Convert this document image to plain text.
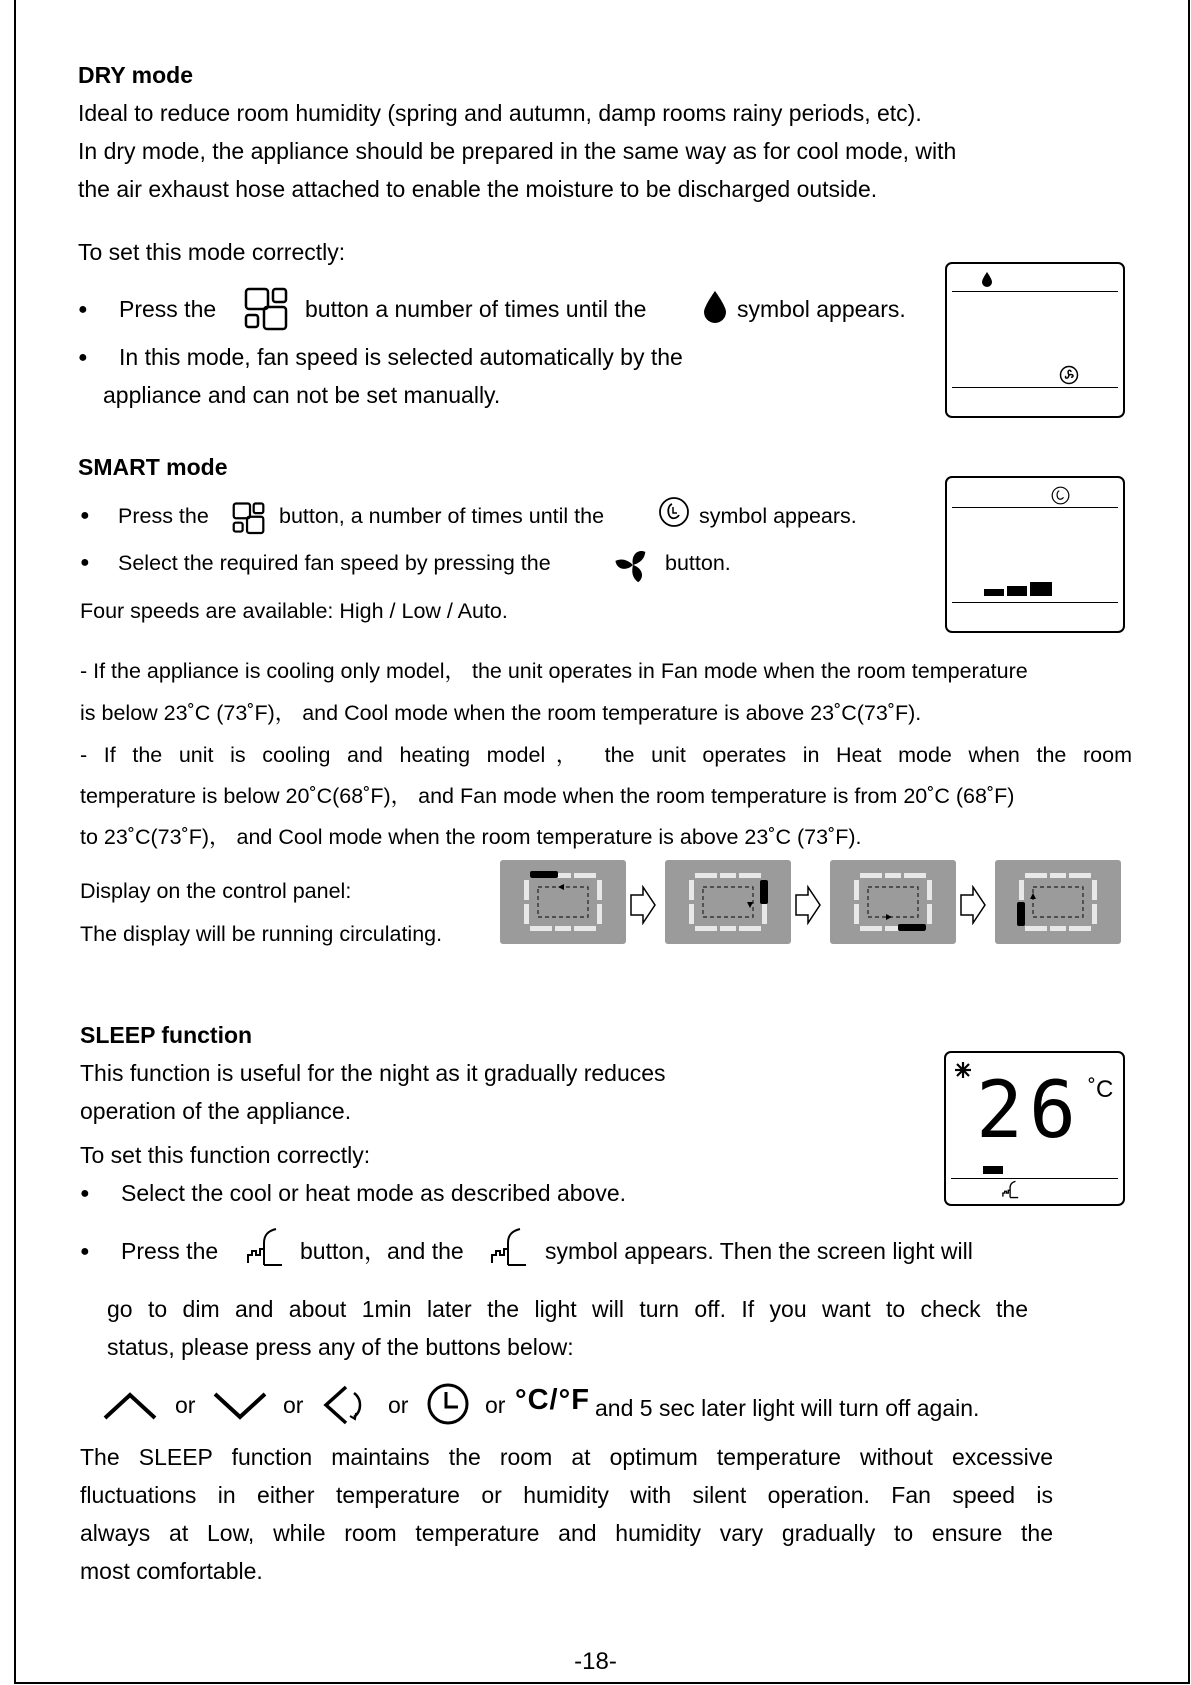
DRY mode
Ideal to reduce room humidity (spring and autumn, damp rooms rainy periods, etc).
In dry mode, the appliance should be prepared in the same way as for cool mode, with
the air exhaust hose attached to enable the moisture to be discharged outside.
To set this mode correctly:
● Press the	button a number of times until the	symbol appears.
● In this mode, fan speed is selected automatically by the
appliance and can not be set manually.
SMART mode
● Press the	button, a number of times until the	symbol appears.
● Select the required fan speed by pressing the	button.
Four speeds are available: High / Low / Auto.
- If the appliance is cooling only model， the unit operates in Fan mode when the room temperature
is below 23˚C (73˚F)， and Cool mode when the room temperature is above 23˚C(73˚F).
- If the unit is cooling and heating model， the unit operates in Heat mode when the room
temperature is below 20˚C(68˚F)， and Fan mode when the room temperature is from 20˚C (68˚F)
to 23˚C(73˚F)， and Cool mode when the room temperature is above 23˚C (73˚F).
Display on the control panel:
The display will be running circulating.
SLEEP function
This function is useful for the night as it gradually reduces
operation of the appliance.
To set this function correctly:
● Select the cool or heat mode as described above.
● Press the	button，and the	symbol appears. Then the screen light will
go to dim and about 1min later the light will turn off. If you want to check the
status, please press any of the buttons below:
or	or	or	or °C/°F and 5 sec later light will turn off again.
The SLEEP function maintains the room at optimum temperature without excessive
fluctuations in either temperature or humidity with silent operation. Fan speed is
always at Low, while room temperature and humidity vary gradually to ensure the
most comfortable.
26 ˚C
-18-
